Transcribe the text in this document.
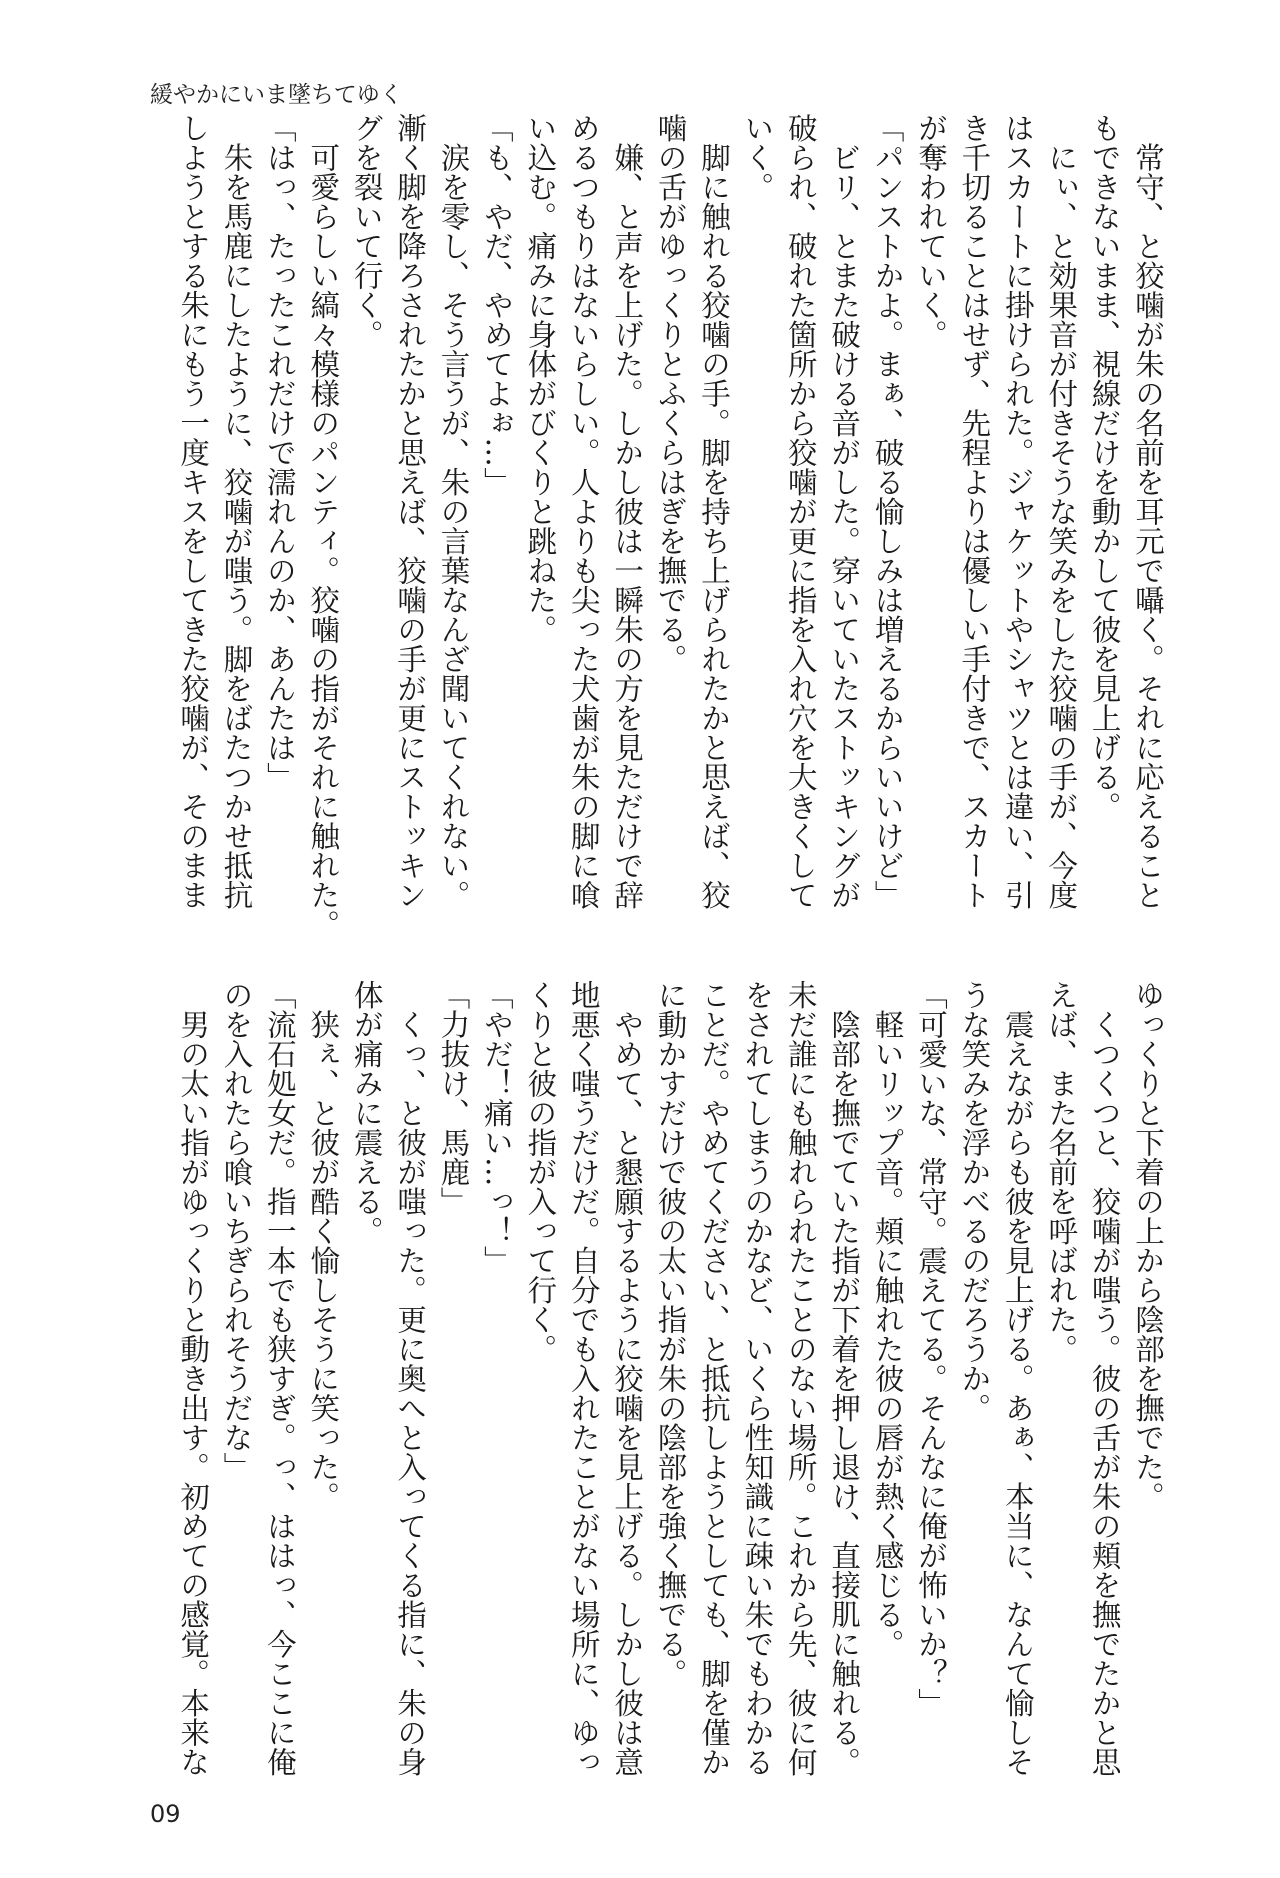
緩やかにいま墜ちてゆく
　常守、と狡噛が朱の名前を耳元で囁く。それに応えること
もできないまま、視線だけを動かして彼を見上げる。
　にぃ、と効果音が付きそうな笑みをした狡噛の手が、今度
はスカートに掛けられた。ジャケットやシャツとは違い、引
き千切ることはせず、先程よりは優しい手付きで、スカート
が奪われていく。
「パンストかよ。まぁ、破る愉しみは増えるからいいけど」
　ビリ、とまた破ける音がした。穿いていたストッキングが
破られ、破れた箇所から狡噛が更に指を入れ穴を大きくして
いく。
　脚に触れる狡噛の手。脚を持ち上げられたかと思えば、狡
噛の舌がゆっくりとふくらはぎを撫でる。
　嫌、と声を上げた。しかし彼は一瞬朱の方を見ただけで辞
めるつもりはないらしい。人よりも尖った犬歯が朱の脚に喰
い込む。痛みに身体がびくりと跳ねた。
「も、やだ、やめてよぉ…」
　涙を零し、そう言うが、朱の言葉なんざ聞いてくれない。
漸く脚を降ろされたかと思えば、狡噛の手が更にストッキン
グを裂いて行く。
　可愛らしい縞々模様のパンティ。狡噛の指がそれに触れた。
「はっ、たったこれだけで濡れんのか、あんたは」
　朱を馬鹿にしたように、狡噛が嗤う。脚をばたつかせ抵抗
しようとする朱にもう一度キスをしてきた狡噛が、そのまま
ゆっくりと下着の上から陰部を撫でた。
　くつくつと、狡噛が嗤う。彼の舌が朱の頬を撫でたかと思
えば、また名前を呼ばれた。
　震えながらも彼を見上げる。あぁ、本当に、なんて愉しそ
うな笑みを浮かべるのだろうか。
「可愛いな、常守。震えてる。そんなに俺が怖いか？」
　軽いリップ音。頬に触れた彼の唇が熱く感じる。
　陰部を撫でていた指が下着を押し退け、直接肌に触れる。
未だ誰にも触れられたことのない場所。これから先、彼に何
をされてしまうのかなど、いくら性知識に疎い朱でもわかる
ことだ。やめてください、と抵抗しようとしても、脚を僅か
に動かすだけで彼の太い指が朱の陰部を強く撫でる。
　やめて、と懇願するように狡噛を見上げる。しかし彼は意
地悪く嗤うだけだ。自分でも入れたことがない場所に、ゆっ
くりと彼の指が入って行く。
「やだ！痛い…っ！」
「力抜け、馬鹿」
　くっ、と彼が嗤った。更に奥へと入ってくる指に、朱の身
体が痛みに震える。
　狭ぇ、と彼が酷く愉しそうに笑った。
「流石処女だ。指一本でも狭すぎ。っ、ははっ、今ここに俺
のを入れたら喰いちぎられそうだな」
　男の太い指がゆっくりと動き出す。初めての感覚。本来な
09
